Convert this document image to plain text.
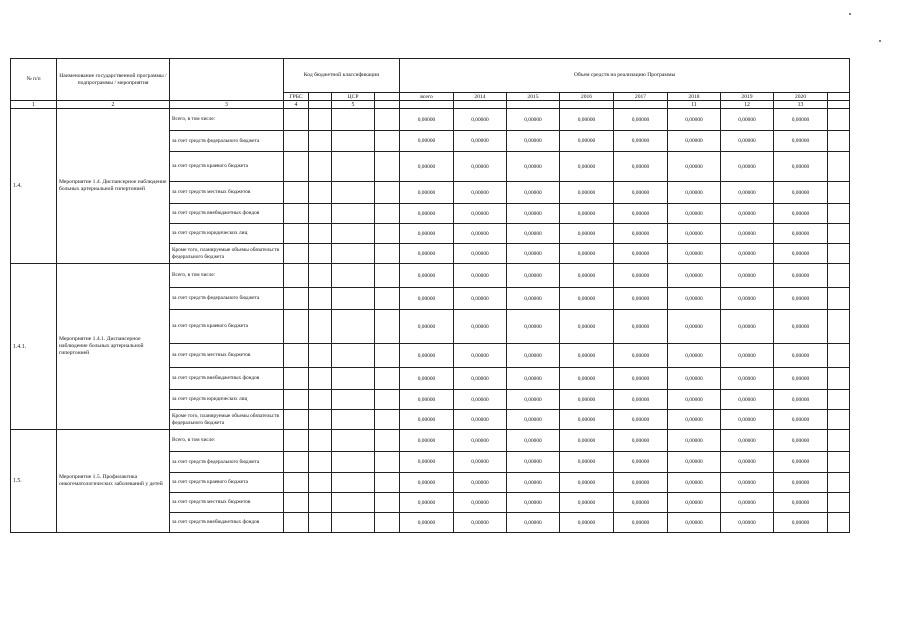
№ п/п	Наименование государственной программы / подпрограммы / мероприятия		Код бюджетной классификации				Объем средств на реализацию Программы								
			ГРБС		ЦСР		всего	2014	2015	2016	2017	2018	2019	2020	
1	2	3	4		5							11	12	13	
1.4.	Мероприятие 1.4. Диспансерное наблюдение больных артериальной гипертонией	Всего, в том числе:					0,00000	0,00000	0,00000	0,00000	0,00000	0,00000	0,00000	0,00000	
		за счет средств федерального бюджета					0,00000	0,00000	0,00000	0,00000	0,00000	0,00000	0,00000	0,00000	
		за счет средств краевого бюджета					0,00000	0,00000	0,00000	0,00000	0,00000	0,00000	0,00000	0,00000	
		за счет средств местных бюджетов					0,00000	0,00000	0,00000	0,00000	0,00000	0,00000	0,00000	0,00000	
		за счет средств внебюджетных фондов					0,00000	0,00000	0,00000	0,00000	0,00000	0,00000	0,00000	0,00000	
		за счет средств юридических лиц					0,00000	0,00000	0,00000	0,00000	0,00000	0,00000	0,00000	0,00000	
		Кроме того, планируемые объемы обязательств федерального бюджета					0,00000	0,00000	0,00000	0,00000	0,00000	0,00000	0,00000	0,00000	
1.4.1.	Мероприятие 1.4.1. Диспансерное наблюдение больных артериальной гипертонией	Всего, в том числе:					0,00000	0,00000	0,00000	0,00000	0,00000	0,00000	0,00000	0,00000	
		за счет средств федерального бюджета					0,00000	0,00000	0,00000	0,00000	0,00000	0,00000	0,00000	0,00000	
		за счет средств краевого бюджета					0,00000	0,00000	0,00000	0,00000	0,00000	0,00000	0,00000	0,00000	
		за счет средств местных бюджетов					0,00000	0,00000	0,00000	0,00000	0,00000	0,00000	0,00000	0,00000	
		за счет средств внебюджетных фондов					0,00000	0,00000	0,00000	0,00000	0,00000	0,00000	0,00000	0,00000	
		за счет средств юридических лиц					0,00000	0,00000	0,00000	0,00000	0,00000	0,00000	0,00000	0,00000	
		Кроме того, планируемые объемы обязательств федерального бюджета					0,00000	0,00000	0,00000	0,00000	0,00000	0,00000	0,00000	0,00000	
1.5.	Мероприятие 1.5. Профилактика онкогематологических заболеваний у детей	Всего, в том числе:					0,00000	0,00000	0,00000	0,00000	0,00000	0,00000	0,00000	0,00000	
		за счет средств федерального бюджета					0,00000	0,00000	0,00000	0,00000	0,00000	0,00000	0,00000	0,00000	
		за счет средств краевого бюджета					0,00000	0,00000	0,00000	0,00000	0,00000	0,00000	0,00000	0,00000	
		за счет средств местных бюджетов					0,00000	0,00000	0,00000	0,00000	0,00000	0,00000	0,00000	0,00000	
		за счет средств внебюджетных фондов					0,00000	0,00000	0,00000	0,00000	0,00000	0,00000	0,00000	0,00000	
